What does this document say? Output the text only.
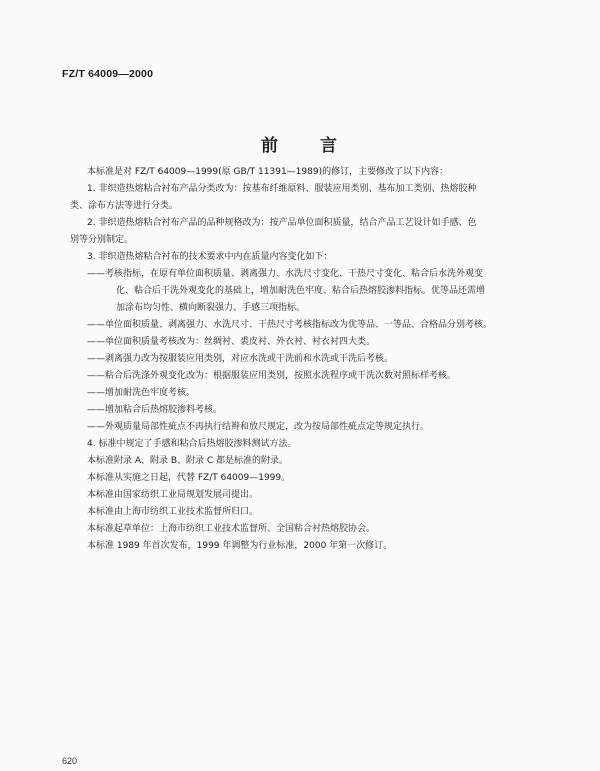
FZ/T 64009—2000
前 言

本标准是对 FZ/T 64009—1999(原 GB/T 11391—1989)的修订，主要修改了以下内容：

1. 非织造热熔粘合衬布产品分类改为：按基布纤维原料、服装应用类别、基布加工类别、热熔胶种

类、涂布方法等进行分类。

2. 非织造热熔粘合衬布产品的品种规格改为：按产品单位面积质量，结合产品工艺设计如手感、色

别等分别制定。

3. 非织造热熔粘合衬布的技术要求中内在质量内容变化如下：

——考核指标，在原有单位面积质量、剥离强力、水洗尺寸变化、干热尺寸变化、粘合后水洗外观变

化、粘合后干洗外观变化的基础上，增加耐洗色牢度、粘合后热熔胶渗料指标。优等品还需增

加涂布均匀性、横向断裂强力、手感三项指标。

——单位面积质量、剥离强力、水洗尺寸、干热尺寸考核指标改为优等品、一等品、合格品分别考核。

——单位面积质量考核改为：丝绸衬、裘皮衬、外衣衬、衬衣衬四大类。

——剥离强力改为按服装应用类别，对应水洗或干洗前和水洗或干洗后考核。

——粘合后洗涤外观变化改为：根据服装应用类别，按照水洗程序或干洗次数对照标样考核。

——增加耐洗色牢度考核。

——增加粘合后热熔胶渗料考核。

——外观质量局部性疵点不再执行结辫和放尺规定，改为按局部性疵点定等规定执行。

4. 标准中规定了手感和粘合后热熔胶渗料测试方法。

本标准附录 A、附录 B、附录 C 都是标准的附录。

本标准从实施之日起，代替 FZ/T 64009—1999。

本标准由国家纺织工业局规划发展司提出。

本标准由上海市纺织工业技术监督所归口。

本标准起草单位：上海市纺织工业技术监督所、全国粘合衬热熔胶协会。

本标准 1989 年首次发布，1999 年调整为行业标准，2000 年第一次修订。

620
